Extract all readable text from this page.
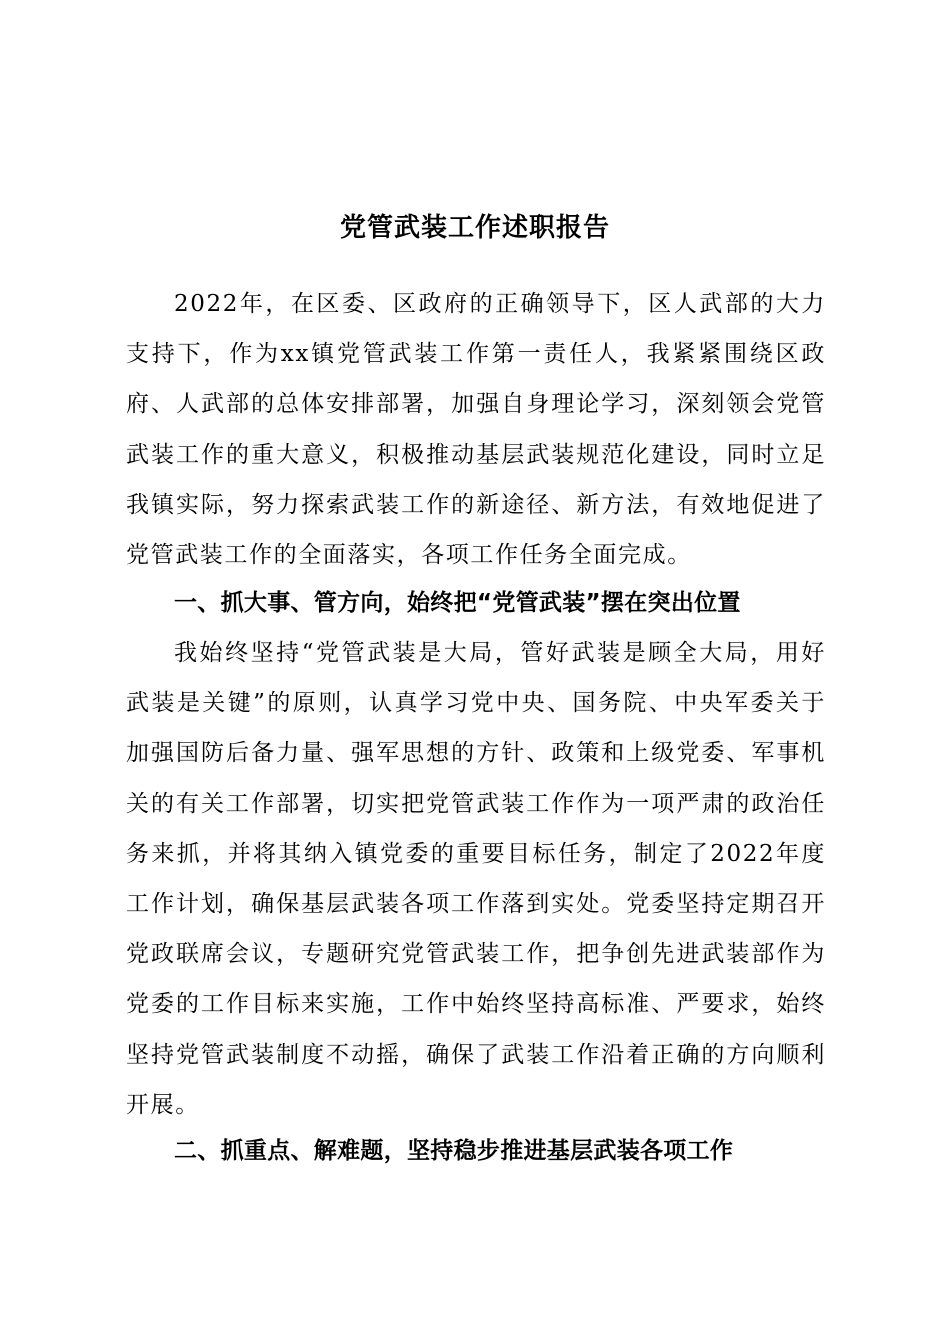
党管武装工作述职报告

2022年，在区委、区政府的正确领导下，区人武部的大力支持下，作为xx镇党管武装工作第一责任人，我紧紧围绕区政府、人武部的总体安排部署，加强自身理论学习，深刻领会党管武装工作的重大意义，积极推动基层武装规范化建设，同时立足我镇实际，努力探索武装工作的新途径、新方法，有效地促进了党管武装工作的全面落实，各项工作任务全面完成。

一、抓大事、管方向，始终把“党管武装”摆在突出位置

我始终坚持“党管武装是大局，管好武装是顾全大局，用好武装是关键”的原则，认真学习党中央、国务院、中央军委关于加强国防后备力量、强军思想的方针、政策和上级党委、军事机关的有关工作部署，切实把党管武装工作作为一项严肃的政治任务来抓，并将其纳入镇党委的重要目标任务，制定了2022年度工作计划，确保基层武装各项工作落到实处。党委坚持定期召开党政联席会议，专题研究党管武装工作，把争创先进武装部作为党委的工作目标来实施，工作中始终坚持高标准、严要求，始终坚持党管武装制度不动摇，确保了武装工作沿着正确的方向顺利开展。

二、抓重点、解难题，坚持稳步推进基层武装各项工作
